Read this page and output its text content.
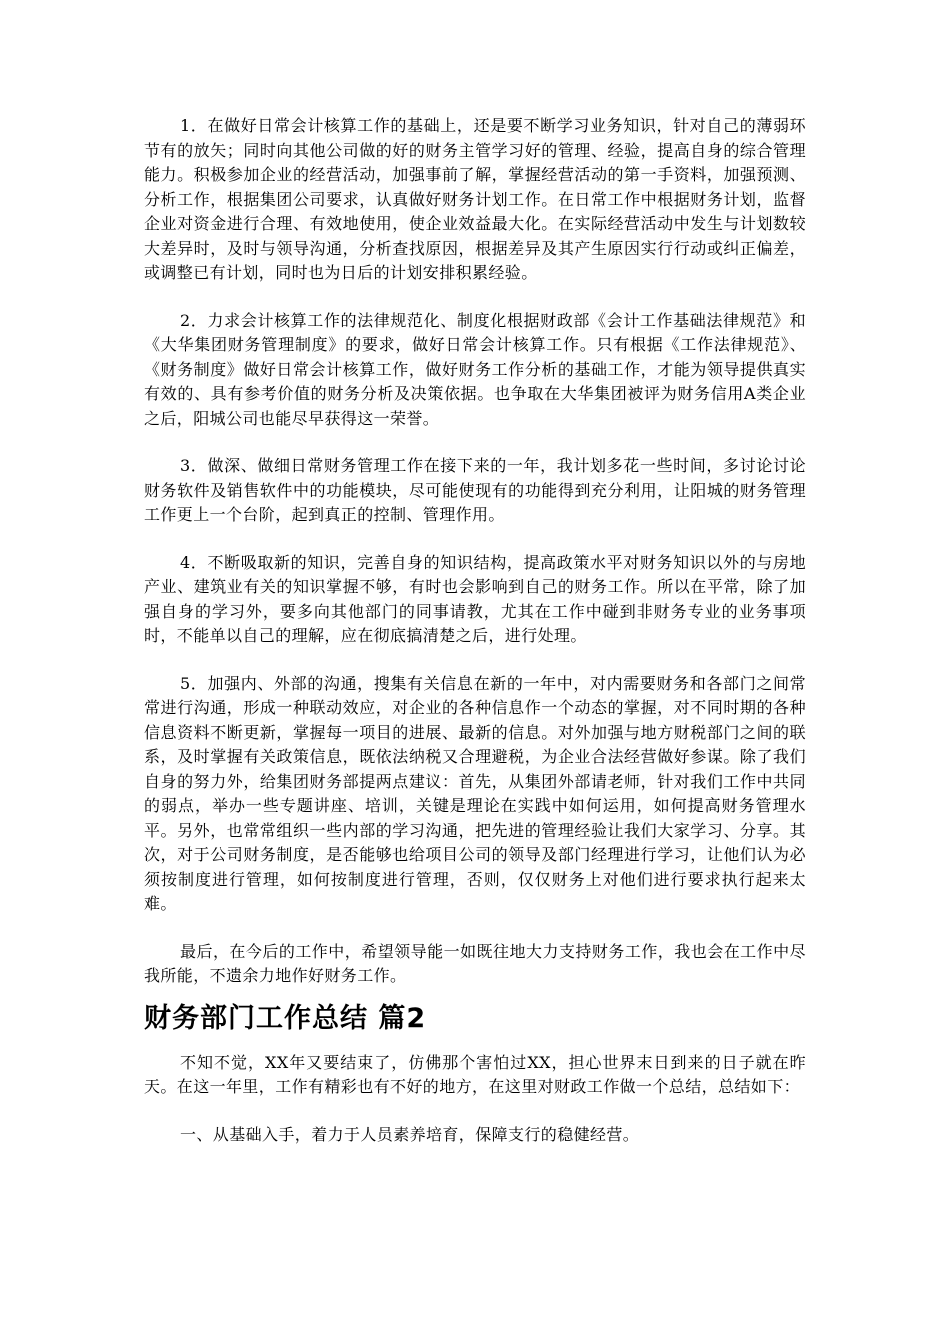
1．在做好日常会计核算工作的基础上，还是要不断学习业务知识，针对自己的薄弱环节有的放矢；同时向其他公司做的好的财务主管学习好的管理、经验，提高自身的综合管理能力。积极参加企业的经营活动，加强事前了解，掌握经营活动的第一手资料，加强预测、分析工作，根据集团公司要求，认真做好财务计划工作。在日常工作中根据财务计划，监督企业对资金进行合理、有效地使用，使企业效益最大化。在实际经营活动中发生与计划数较大差异时，及时与领导沟通，分析查找原因，根据差异及其产生原因实行行动或纠正偏差，或调整已有计划，同时也为日后的计划安排积累经验。

2．力求会计核算工作的法律规范化、制度化根据财政部《会计工作基础法律规范》和《大华集团财务管理制度》的要求，做好日常会计核算工作。只有根据《工作法律规范》、《财务制度》做好日常会计核算工作，做好财务工作分析的基础工作，才能为领导提供真实有效的、具有参考价值的财务分析及决策依据。也争取在大华集团被评为财务信用A类企业之后，阳城公司也能尽早获得这一荣誉。

3．做深、做细日常财务管理工作在接下来的一年，我计划多花一些时间，多讨论讨论财务软件及销售软件中的功能模块，尽可能使现有的功能得到充分利用，让阳城的财务管理工作更上一个台阶，起到真正的控制、管理作用。

4．不断吸取新的知识，完善自身的知识结构，提高政策水平对财务知识以外的与房地产业、建筑业有关的知识掌握不够，有时也会影响到自己的财务工作。所以在平常，除了加强自身的学习外，要多向其他部门的同事请教，尤其在工作中碰到非财务专业的业务事项时，不能单以自己的理解，应在彻底搞清楚之后，进行处理。

5．加强内、外部的沟通，搜集有关信息在新的一年中，对内需要财务和各部门之间常常进行沟通，形成一种联动效应，对企业的各种信息作一个动态的掌握，对不同时期的各种信息资料不断更新，掌握每一项目的进展、最新的信息。对外加强与地方财税部门之间的联系，及时掌握有关政策信息，既依法纳税又合理避税，为企业合法经营做好参谋。除了我们自身的努力外，给集团财务部提两点建议：首先，从集团外部请老师，针对我们工作中共同的弱点，举办一些专题讲座、培训，关键是理论在实践中如何运用，如何提高财务管理水平。另外，也常常组织一些内部的学习沟通，把先进的管理经验让我们大家学习、分享。其次，对于公司财务制度，是否能够也给项目公司的领导及部门经理进行学习，让他们认为必须按制度进行管理，如何按制度进行管理，否则，仅仅财务上对他们进行要求执行起来太难。

最后，在今后的工作中，希望领导能一如既往地大力支持财务工作，我也会在工作中尽我所能，不遗余力地作好财务工作。

财务部门工作总结 篇2

不知不觉，XX年又要结束了，仿佛那个害怕过XX，担心世界末日到来的日子就在昨天。在这一年里，工作有精彩也有不好的地方，在这里对财政工作做一个总结，总结如下：

一、从基础入手，着力于人员素养培育，保障支行的稳健经营。
